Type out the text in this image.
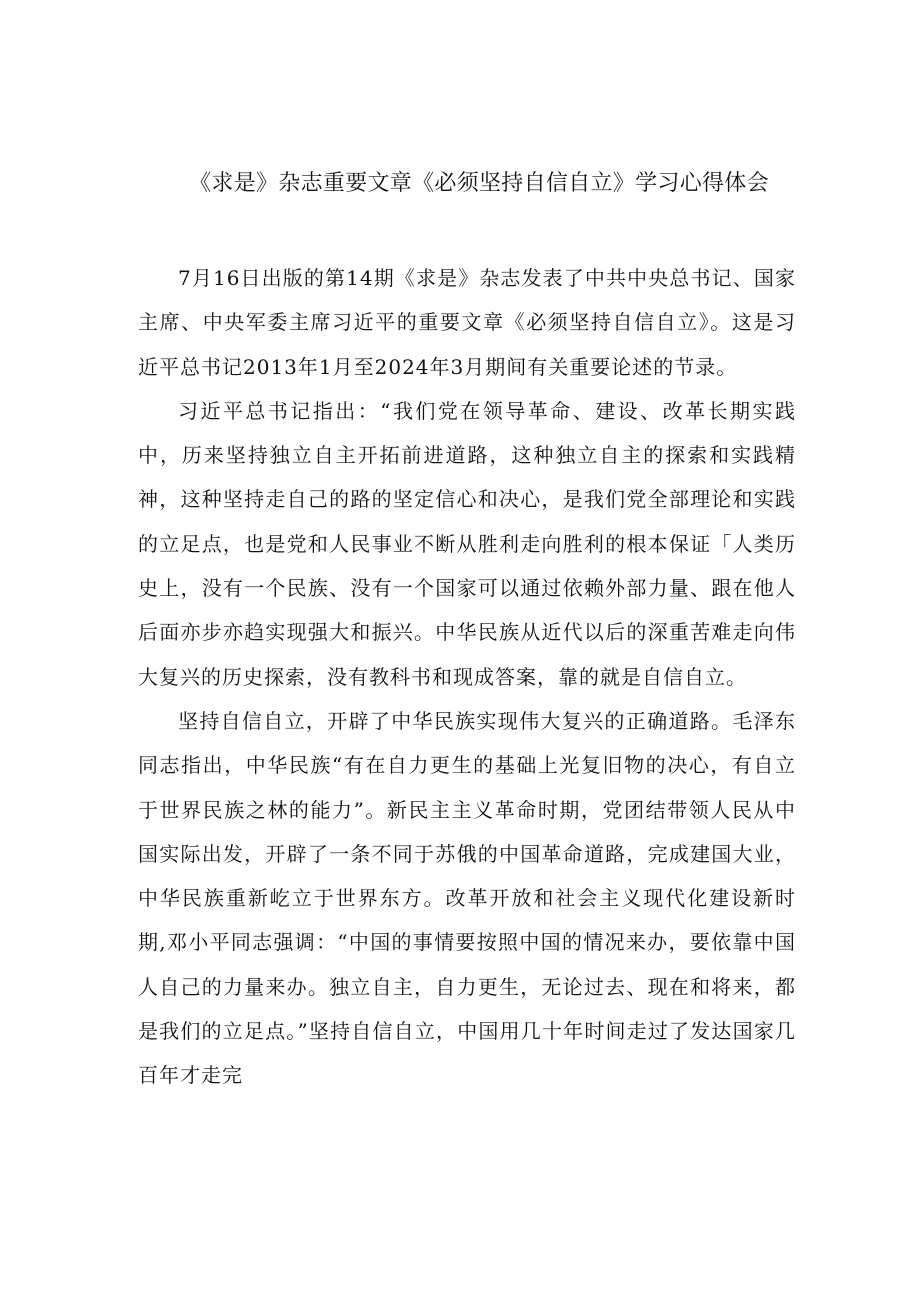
《求是》杂志重要文章《必须坚持自信自立》学习心得体会

7月16日出版的第14期《求是》杂志发表了中共中央总书记、国家主席、中央军委主席习近平的重要文章《必须坚持自信自立》。这是习近平总书记2013年1月至2024年3月期间有关重要论述的节录。

习近平总书记指出：“我们党在领导革命、建设、改革长期实践中，历来坚持独立自主开拓前进道路，这种独立自主的探索和实践精神，这种坚持走自己的路的坚定信心和决心，是我们党全部理论和实践的立足点，也是党和人民事业不断从胜利走向胜利的根本保证「人类历史上，没有一个民族、没有一个国家可以通过依赖外部力量、跟在他人后面亦步亦趋实现强大和振兴。中华民族从近代以后的深重苦难走向伟大复兴的历史探索，没有教科书和现成答案，靠的就是自信自立。

坚持自信自立，开辟了中华民族实现伟大复兴的正确道路。毛泽东同志指出，中华民族“有在自力更生的基础上光复旧物的决心，有自立于世界民族之林的能力”。新民主主义革命时期，党团结带领人民从中国实际出发，开辟了一条不同于苏俄的中国革命道路，完成建国大业，中华民族重新屹立于世界东方。改革开放和社会主义现代化建设新时期,邓小平同志强调：“中国的事情要按照中国的情况来办，要依靠中国人自己的力量来办。独立自主，自力更生，无论过去、现在和将来，都是我们的立足点。”坚持自信自立，中国用几十年时间走过了发达国家几百年才走完
